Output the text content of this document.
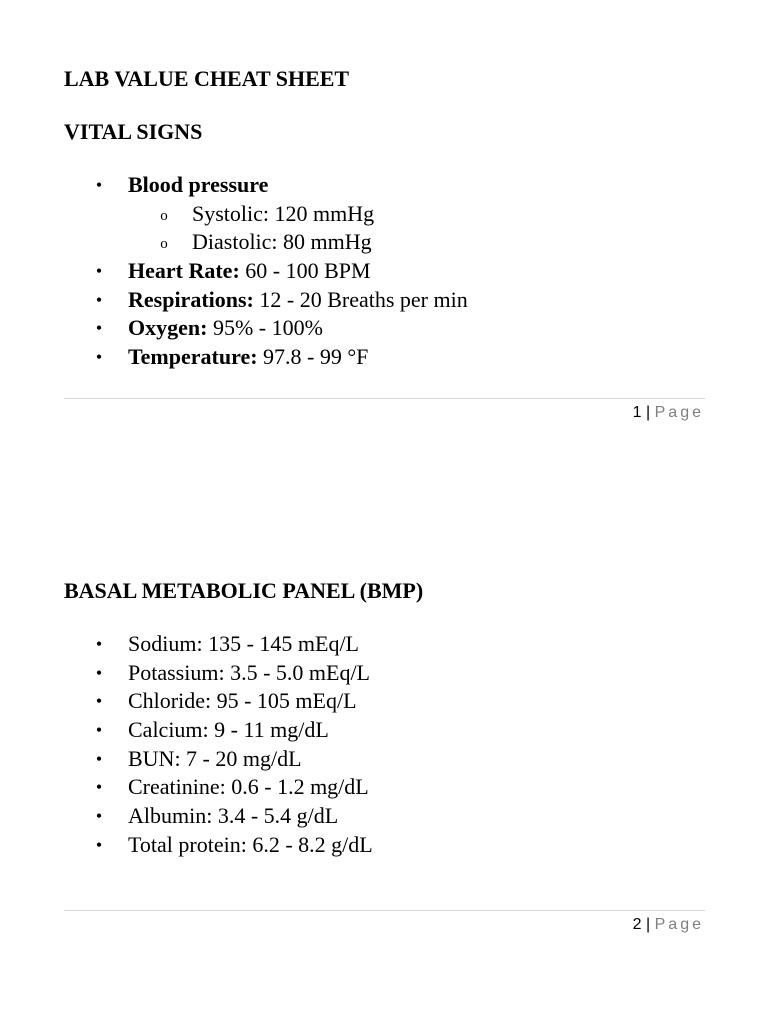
LAB VALUE CHEAT SHEET
VITAL SIGNS
• Blood pressure
o Systolic: 120 mmHg
o Diastolic: 80 mmHg
• Heart Rate: 60 - 100 BPM
• Respirations: 12 - 20 Breaths per min
• Oxygen: 95% - 100%
• Temperature: 97.8 - 99 °F
1 | Page
BASAL METABOLIC PANEL (BMP)
• Sodium: 135 - 145 mEq/L
• Potassium: 3.5 - 5.0 mEq/L
• Chloride: 95 - 105 mEq/L
• Calcium: 9 - 11 mg/dL
• BUN: 7 - 20 mg/dL
• Creatinine: 0.6 - 1.2 mg/dL
• Albumin: 3.4 - 5.4 g/dL
• Total protein: 6.2 - 8.2 g/dL
2 | Page
